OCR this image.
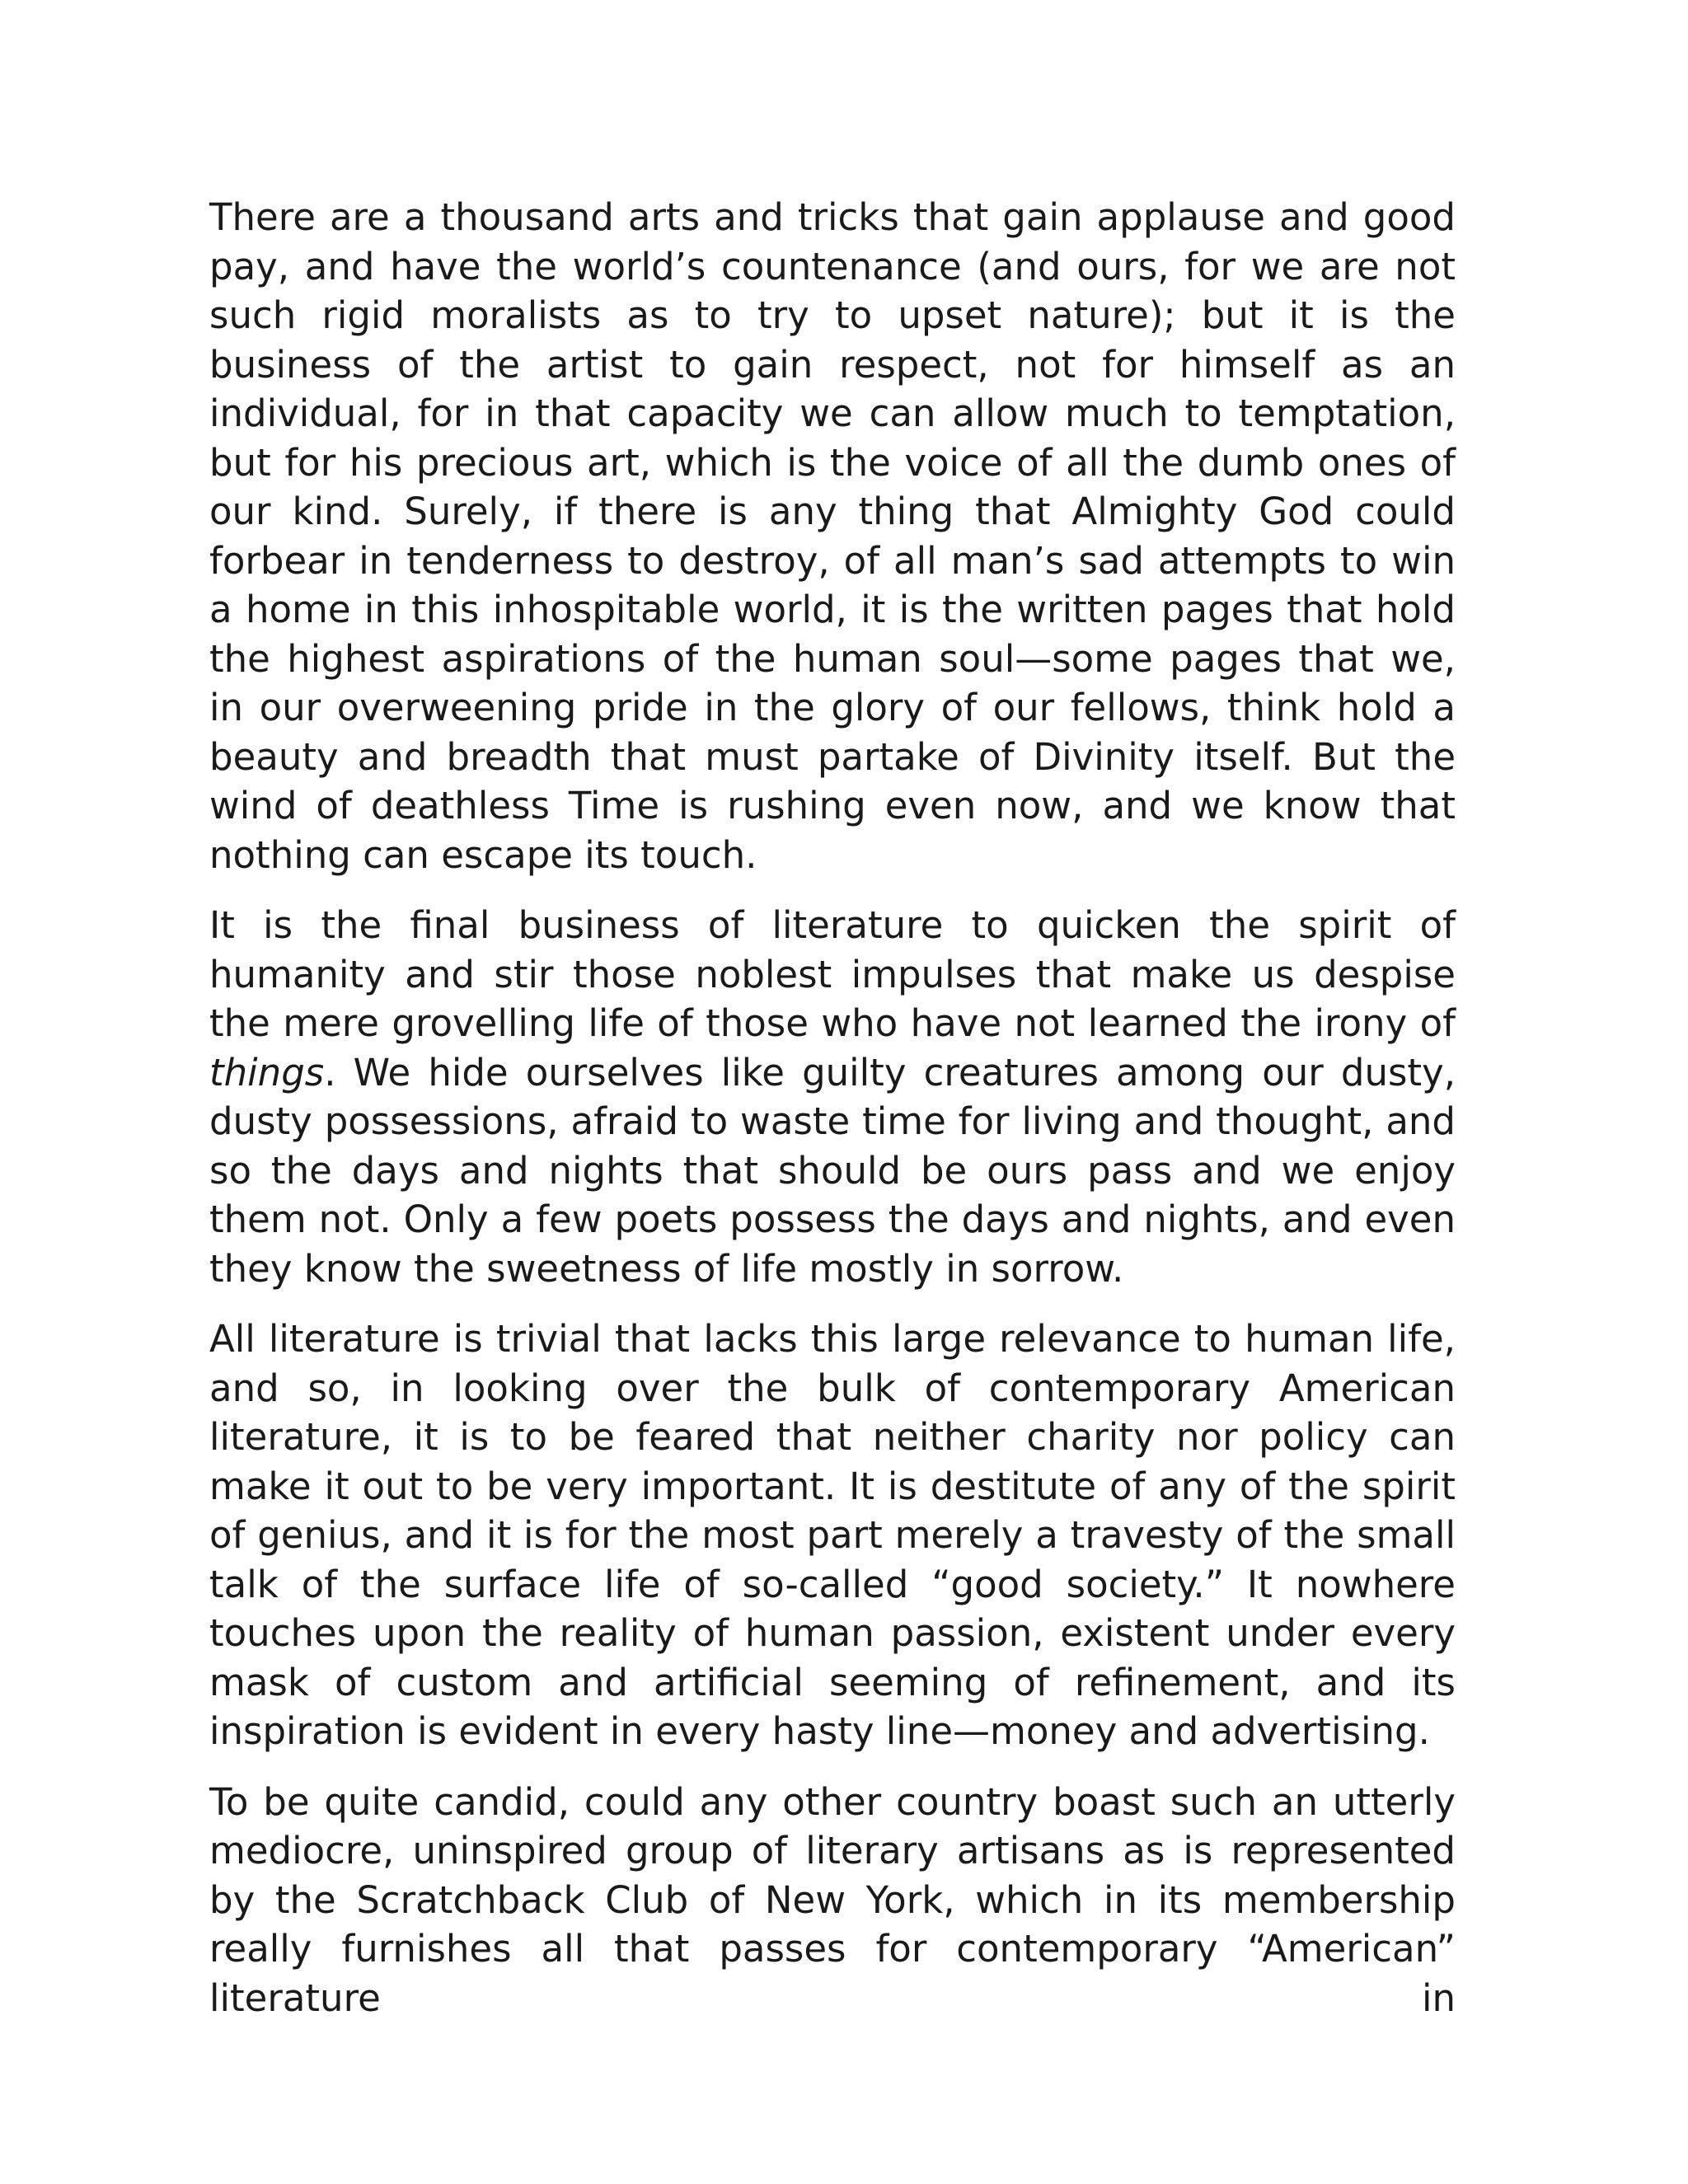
There are a thousand arts and tricks that gain applause and good pay, and have the world’s countenance (and ours, for we are not such rigid moralists as to try to upset nature); but it is the business of the artist to gain respect, not for himself as an individual, for in that capacity we can allow much to temptation, but for his precious art, which is the voice of all the dumb ones of our kind. Surely, if there is any thing that Almighty God could forbear in tenderness to destroy, of all man’s sad attempts to win a home in this inhospitable world, it is the written pages that hold the highest aspirations of the human soul—some pages that we, in our overweening pride in the glory of our fellows, think hold a beauty and breadth that must partake of Divinity itself. But the wind of deathless Time is rushing even now, and we know that nothing can escape its touch.

It is the final business of literature to quicken the spirit of humanity and stir those noblest impulses that make us despise the mere grovelling life of those who have not learned the irony of things. We hide ourselves like guilty creatures among our dusty, dusty possessions, afraid to waste time for living and thought, and so the days and nights that should be ours pass and we enjoy them not. Only a few poets possess the days and nights, and even they know the sweetness of life mostly in sorrow.

All literature is trivial that lacks this large relevance to human life, and so, in looking over the bulk of contemporary American literature, it is to be feared that neither charity nor policy can make it out to be very important. It is destitute of any of the spirit of genius, and it is for the most part merely a travesty of the small talk of the surface life of so-called “good society.” It nowhere touches upon the reality of human passion, existent under every mask of custom and artificial seeming of refinement, and its inspiration is evident in every hasty line—money and advertising.

To be quite candid, could any other country boast such an utterly mediocre, uninspired group of literary artisans as is represented by the Scratchback Club of New York, which in its membership really furnishes all that passes for contemporary “American” literature in
